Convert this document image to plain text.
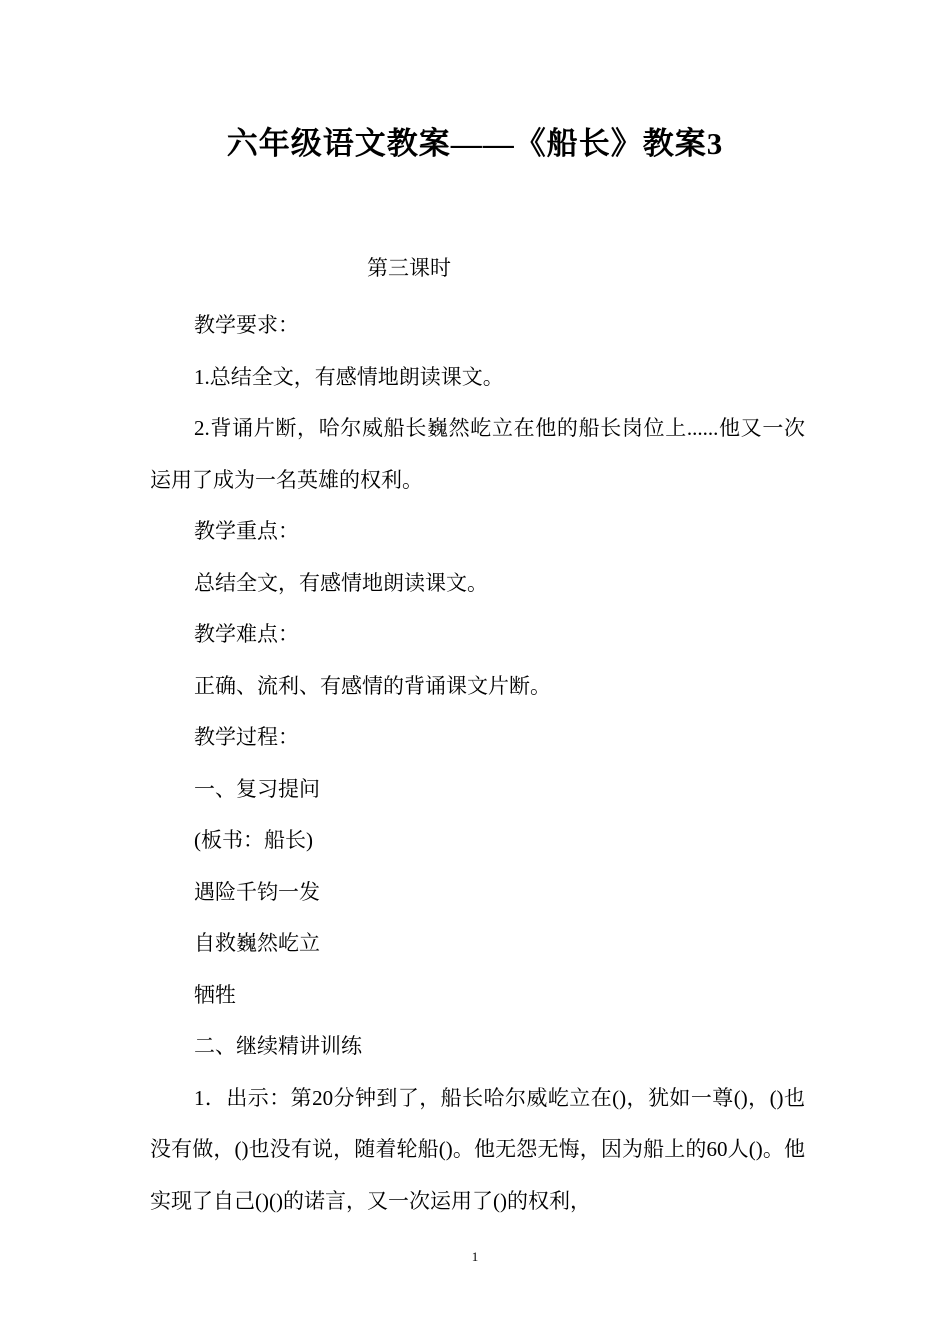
六年级语文教案——《船长》教案3
第三课时

教学要求：

1.总结全文，有感情地朗读课文。

2.背诵片断，哈尔威船长巍然屹立在他的船长岗位上......他又一次运用了成为一名英雄的权利。

教学重点：

总结全文，有感情地朗读课文。

教学难点：

正确、流利、有感情的背诵课文片断。

教学过程：

一、复习提问

(板书：船长)

遇险千钧一发

自救巍然屹立

牺牲

二、继续精讲训练

1．出示：第20分钟到了，船长哈尔威屹立在()，犹如一尊()，()也没有做，()也没有说，随着轮船()。他无怨无悔，因为船上的60人()。他实现了自己()()的诺言，又一次运用了()的权利，

1
